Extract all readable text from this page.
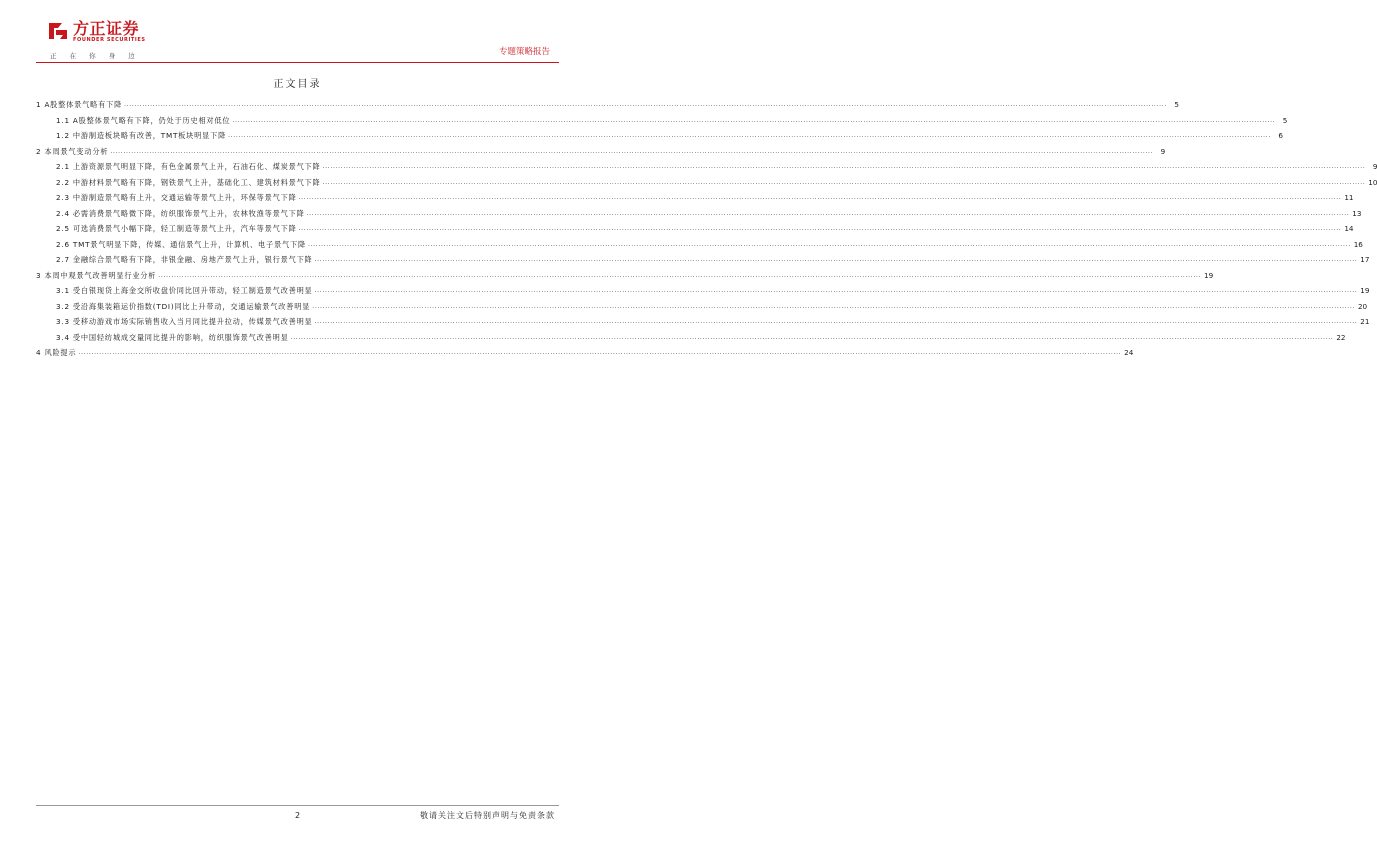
方正证券
FOUNDER SECURITIES
正 在 你 身 边	专题策略报告
正文目录
1 A股整体景气略有下降 ................................................................................................................................................................................................................................................................................................................................................................................................................	5
1.1 A股整体景气略有下降，仍处于历史相对低位 ................................................................................................................................................................................................................................................................................................................................................................................................................	5
1.2 中游制造板块略有改善，TMT板块明显下降 ................................................................................................................................................................................................................................................................................................................................................................................................................	6
2 本周景气变动分析 ................................................................................................................................................................................................................................................................................................................................................................................................................	9
2.1 上游资源景气明显下降，有色金属景气上升，石油石化、煤炭景气下降 ................................................................................................................................................................................................................................................................................................................................................................................................................	9
2.2 中游材料景气略有下降，钢铁景气上升，基础化工、建筑材料景气下降 ................................................................................................................................................................................................................................................................................................................................................................................................................ 10
2.3 中游制造景气略有上升，交通运输等景气上升，环保等景气下降 ................................................................................................................................................................................................................................................................................................................................................................................................................ 11
2.4 必需消费景气略微下降，纺织服饰景气上升，农林牧渔等景气下降 ................................................................................................................................................................................................................................................................................................................................................................................................................ 13
2.5 可选消费景气小幅下降，轻工制造等景气上升，汽车等景气下降 ................................................................................................................................................................................................................................................................................................................................................................................................................ 14
2.6 TMT景气明显下降，传媒、通信景气上升，计算机、电子景气下降 ................................................................................................................................................................................................................................................................................................................................................................................................................ 16
2.7 金融综合景气略有下降，非银金融、房地产景气上升，银行景气下降 ................................................................................................................................................................................................................................................................................................................................................................................................................ 17
3 本周中观景气改善明显行业分析 ................................................................................................................................................................................................................................................................................................................................................................................................................ 19
3.1 受白银现货上海金交所收盘价同比回升带动，轻工制造景气改善明显 ................................................................................................................................................................................................................................................................................................................................................................................................................ 19
3.2 受沿海集装箱运价指数(TDI)同比上升带动，交通运输景气改善明显 ................................................................................................................................................................................................................................................................................................................................................................................................................ 20
3.3 受移动游戏市场实际销售收入当月同比提升拉动，传媒景气改善明显 ................................................................................................................................................................................................................................................................................................................................................................................................................ 21
3.4 受中国轻纺城成交量同比提升的影响，纺织服饰景气改善明显 ................................................................................................................................................................................................................................................................................................................................................................................................................ 22
4 风险提示 ................................................................................................................................................................................................................................................................................................................................................................................................................ 24
2	敬请关注文后特别声明与免责条款
